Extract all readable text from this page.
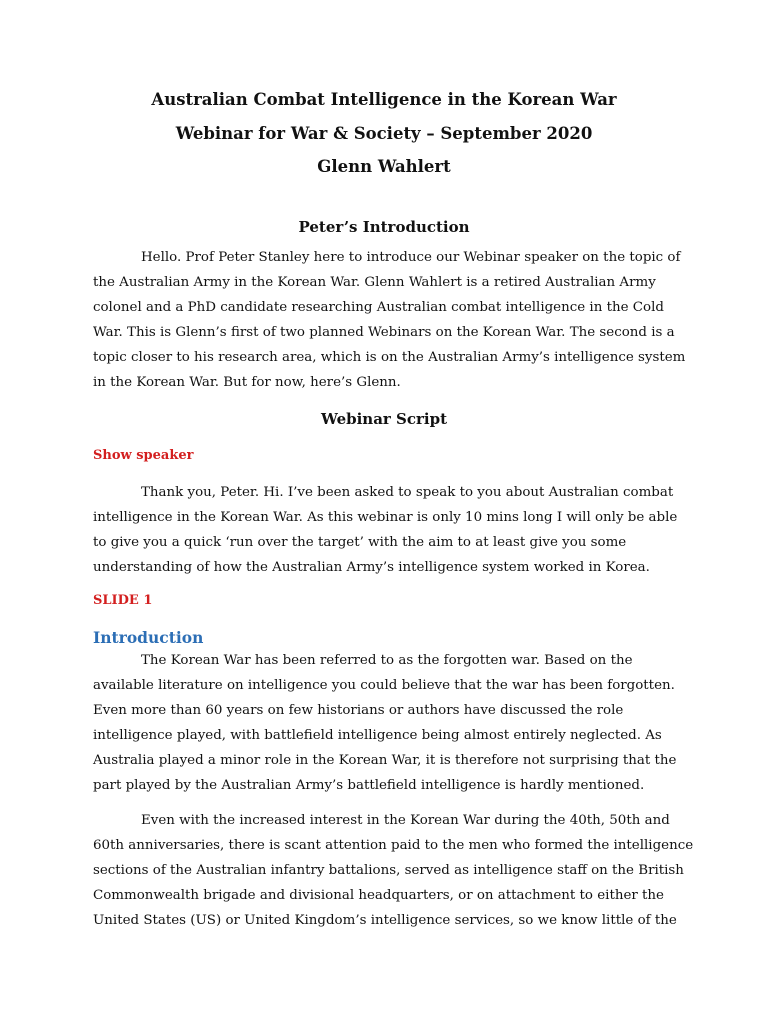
Australian Combat Intelligence in the Korean War
Webinar for War & Society – September 2020
Glenn Wahlert
Peter’s Introduction
Hello. Prof Peter Stanley here to introduce our Webinar speaker on the topic of
the Australian Army in the Korean War. Glenn Wahlert is a retired Australian Army
colonel and a PhD candidate researching Australian combat intelligence in the Cold
War. This is Glenn’s first of two planned Webinars on the Korean War. The second is a
topic closer to his research area, which is on the Australian Army’s intelligence system
in the Korean War. But for now, here’s Glenn.
Webinar Script
Show speaker
Thank you, Peter. Hi. I’ve been asked to speak to you about Australian combat
intelligence in the Korean War. As this webinar is only 10 mins long I will only be able
to give you a quick ‘run over the target’ with the aim to at least give you some
understanding of how the Australian Army’s intelligence system worked in Korea.
SLIDE 1
Introduction
The Korean War has been referred to as the forgotten war. Based on the
available literature on intelligence you could believe that the war has been forgotten.
Even more than 60 years on few historians or authors have discussed the role
intelligence played, with battlefield intelligence being almost entirely neglected. As
Australia played a minor role in the Korean War, it is therefore not surprising that the
part played by the Australian Army’s battlefield intelligence is hardly mentioned.
Even with the increased interest in the Korean War during the 40th, 50th and
60th anniversaries, there is scant attention paid to the men who formed the intelligence
sections of the Australian infantry battalions, served as intelligence staff on the British
Commonwealth brigade and divisional headquarters, or on attachment to either the
United States (US) or United Kingdom’s intelligence services, so we know little of the
